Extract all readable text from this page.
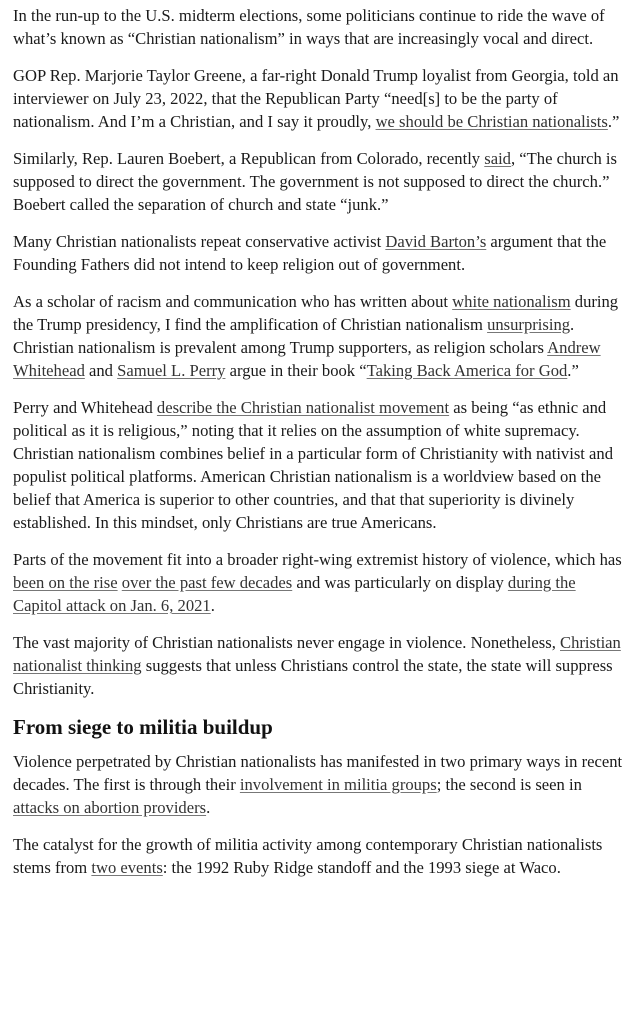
In the run-up to the U.S. midterm elections, some politicians continue to ride the wave of what’s known as “Christian nationalism” in ways that are increasingly vocal and direct.

GOP Rep. Marjorie Taylor Greene, a far-right Donald Trump loyalist from Georgia, told an interviewer on July 23, 2022, that the Republican Party “need[s] to be the party of nationalism. And I’m a Christian, and I say it proudly, we should be Christian nationalists.”

Similarly, Rep. Lauren Boebert, a Republican from Colorado, recently said, “The church is supposed to direct the government. The government is not supposed to direct the church.” Boebert called the separation of church and state “junk.”

Many Christian nationalists repeat conservative activist David Barton’s argument that the Founding Fathers did not intend to keep religion out of government.

As a scholar of racism and communication who has written about white nationalism during the Trump presidency, I find the amplification of Christian nationalism unsurprising. Christian nationalism is prevalent among Trump supporters, as religion scholars Andrew Whitehead and Samuel L. Perry argue in their book “Taking Back America for God.”

Perry and Whitehead describe the Christian nationalist movement as being “as ethnic and political as it is religious,” noting that it relies on the assumption of white supremacy. Christian nationalism combines belief in a particular form of Christianity with nativist and populist political platforms. American Christian nationalism is a worldview based on the belief that America is superior to other countries, and that that superiority is divinely established. In this mindset, only Christians are true Americans.

Parts of the movement fit into a broader right-wing extremist history of violence, which has been on the rise over the past few decades and was particularly on display during the Capitol attack on Jan. 6, 2021.

The vast majority of Christian nationalists never engage in violence. Nonetheless, Christian nationalist thinking suggests that unless Christians control the state, the state will suppress Christianity.

From siege to militia buildup

Violence perpetrated by Christian nationalists has manifested in two primary ways in recent decades. The first is through their involvement in militia groups; the second is seen in attacks on abortion providers.

The catalyst for the growth of militia activity among contemporary Christian nationalists stems from two events: the 1992 Ruby Ridge standoff and the 1993 siege at Waco.
